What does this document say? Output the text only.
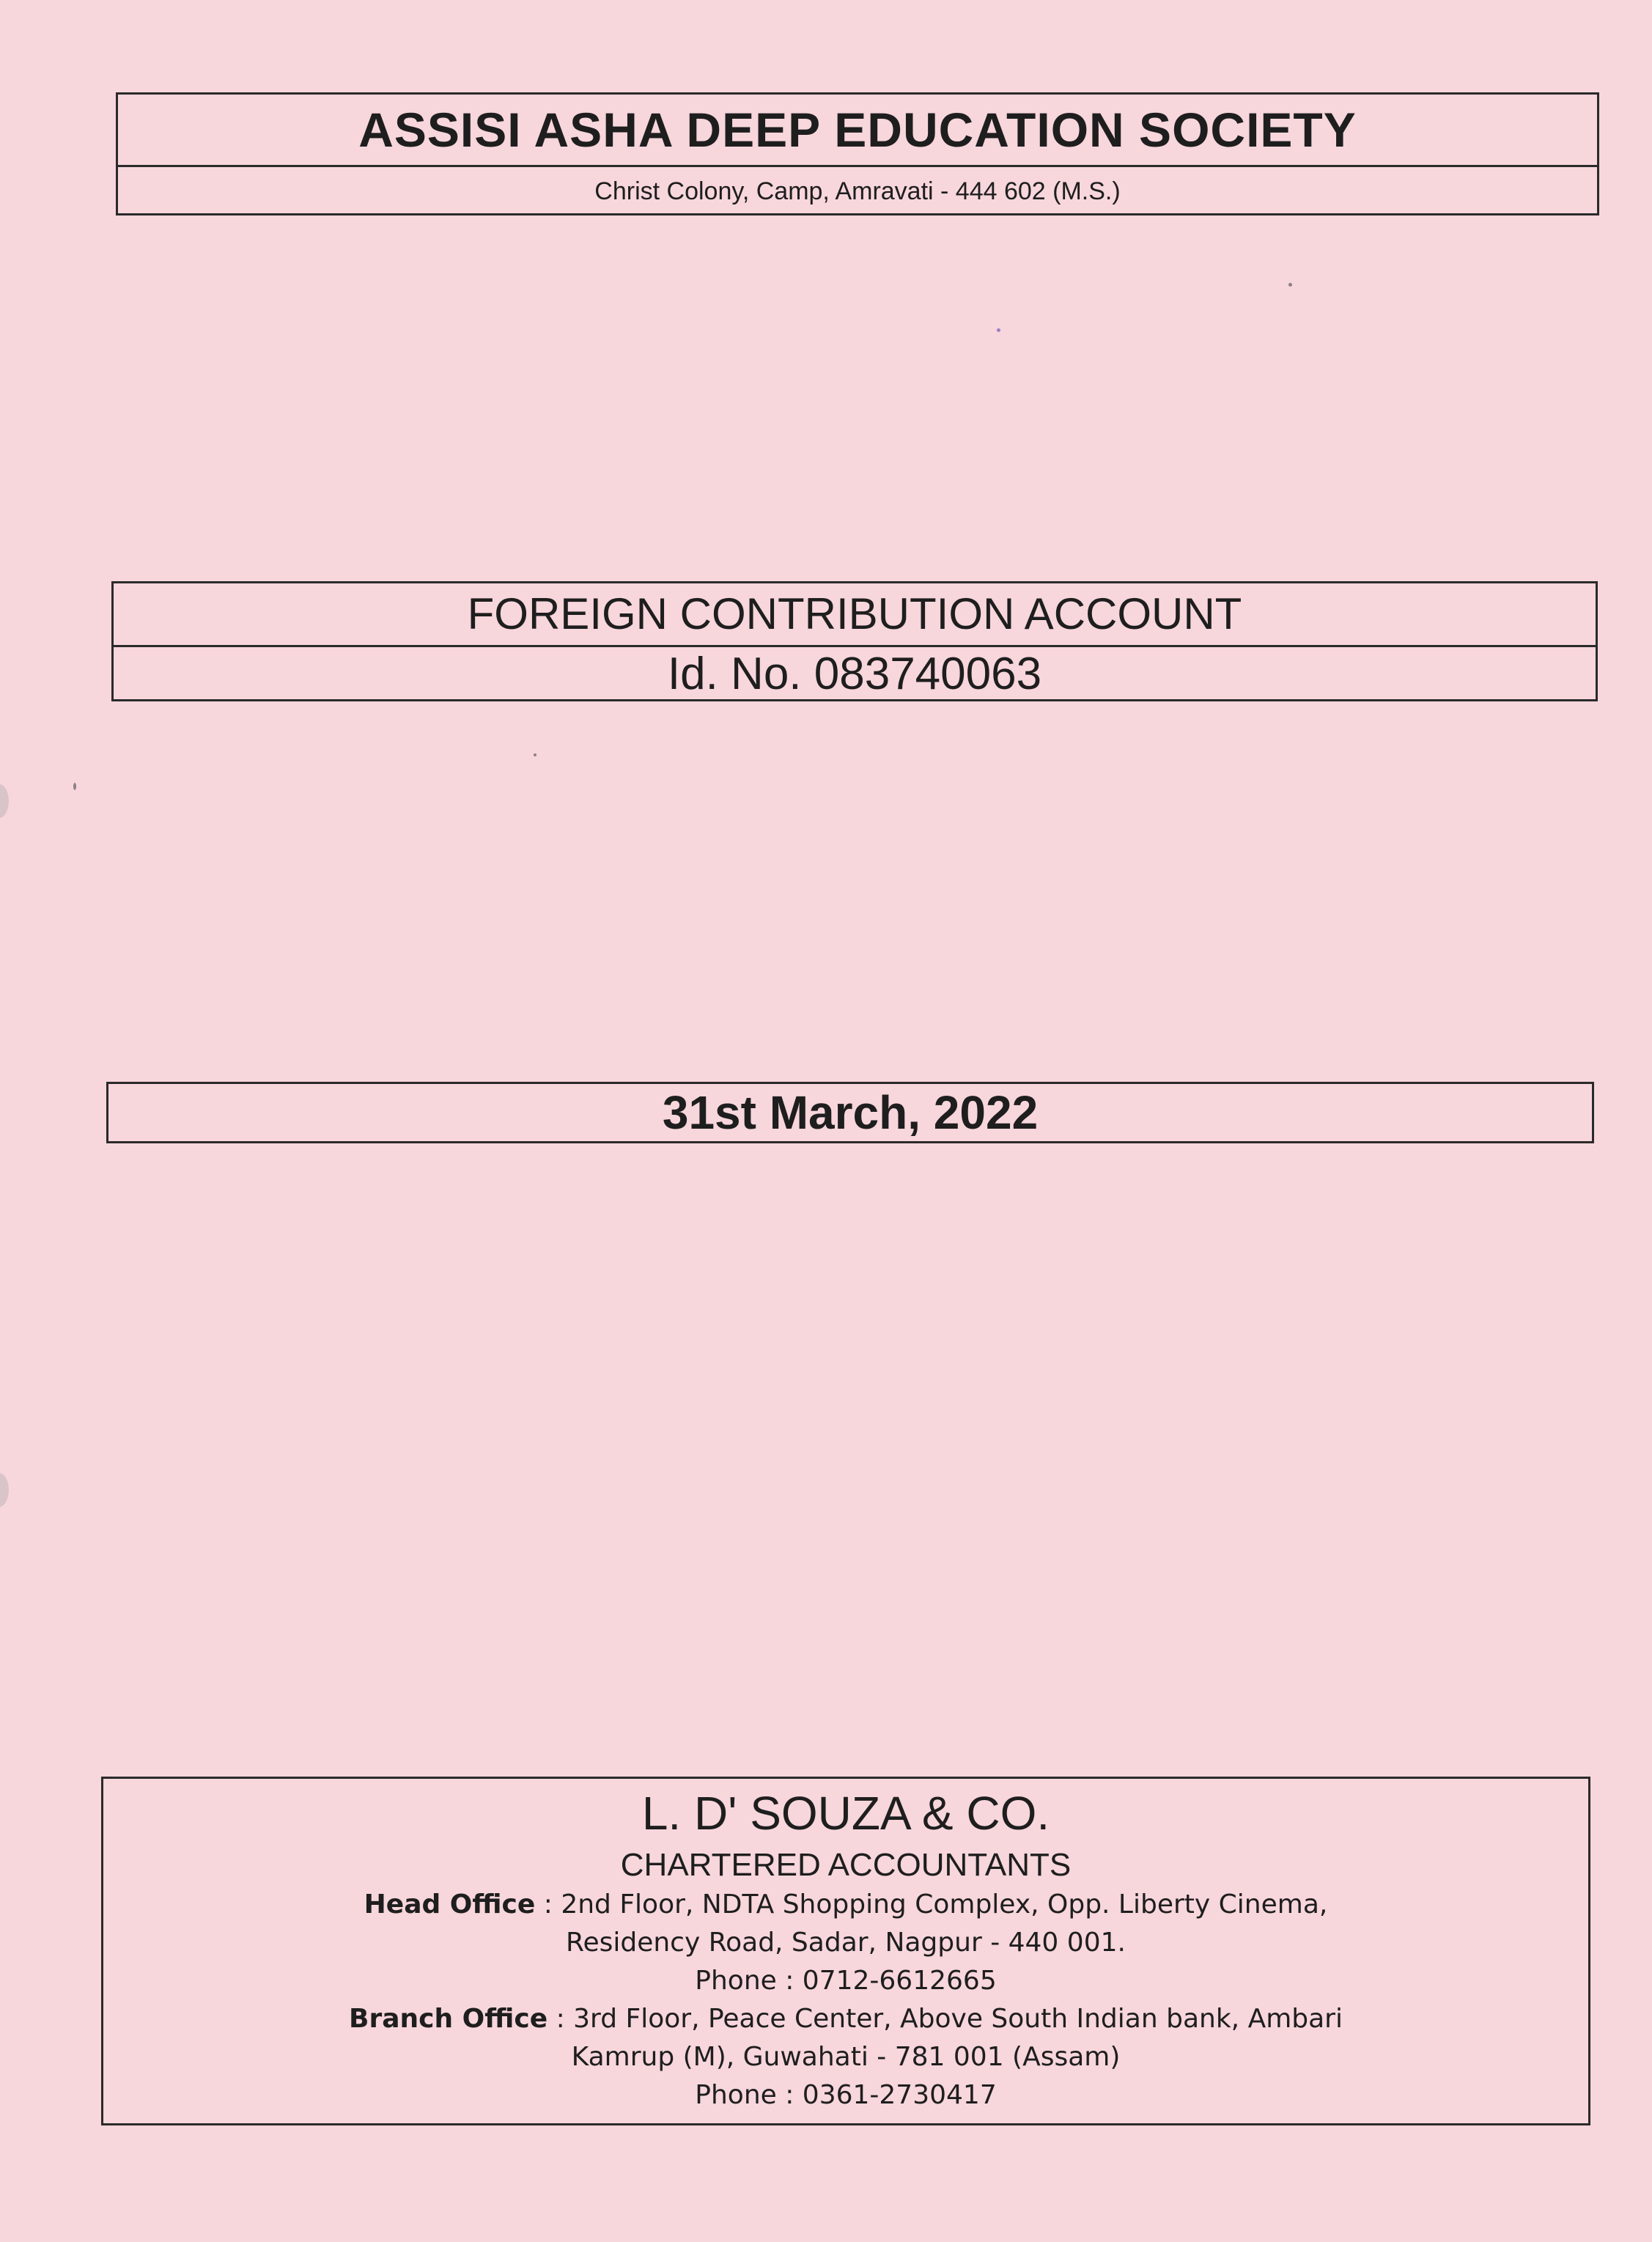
ASSISI ASHA DEEP EDUCATION SOCIETY
Christ Colony, Camp, Amravati - 444 602 (M.S.)
FOREIGN CONTRIBUTION ACCOUNT
Id. No. 083740063
31st March, 2022
L. D' SOUZA & CO.
CHARTERED ACCOUNTANTS
Head Office : 2nd Floor, NDTA Shopping Complex, Opp. Liberty Cinema,
Residency Road, Sadar, Nagpur - 440 001.
Phone : 0712-6612665
Branch Office : 3rd Floor, Peace Center, Above South Indian bank, Ambari
Kamrup (M), Guwahati - 781 001 (Assam)
Phone : 0361-2730417
